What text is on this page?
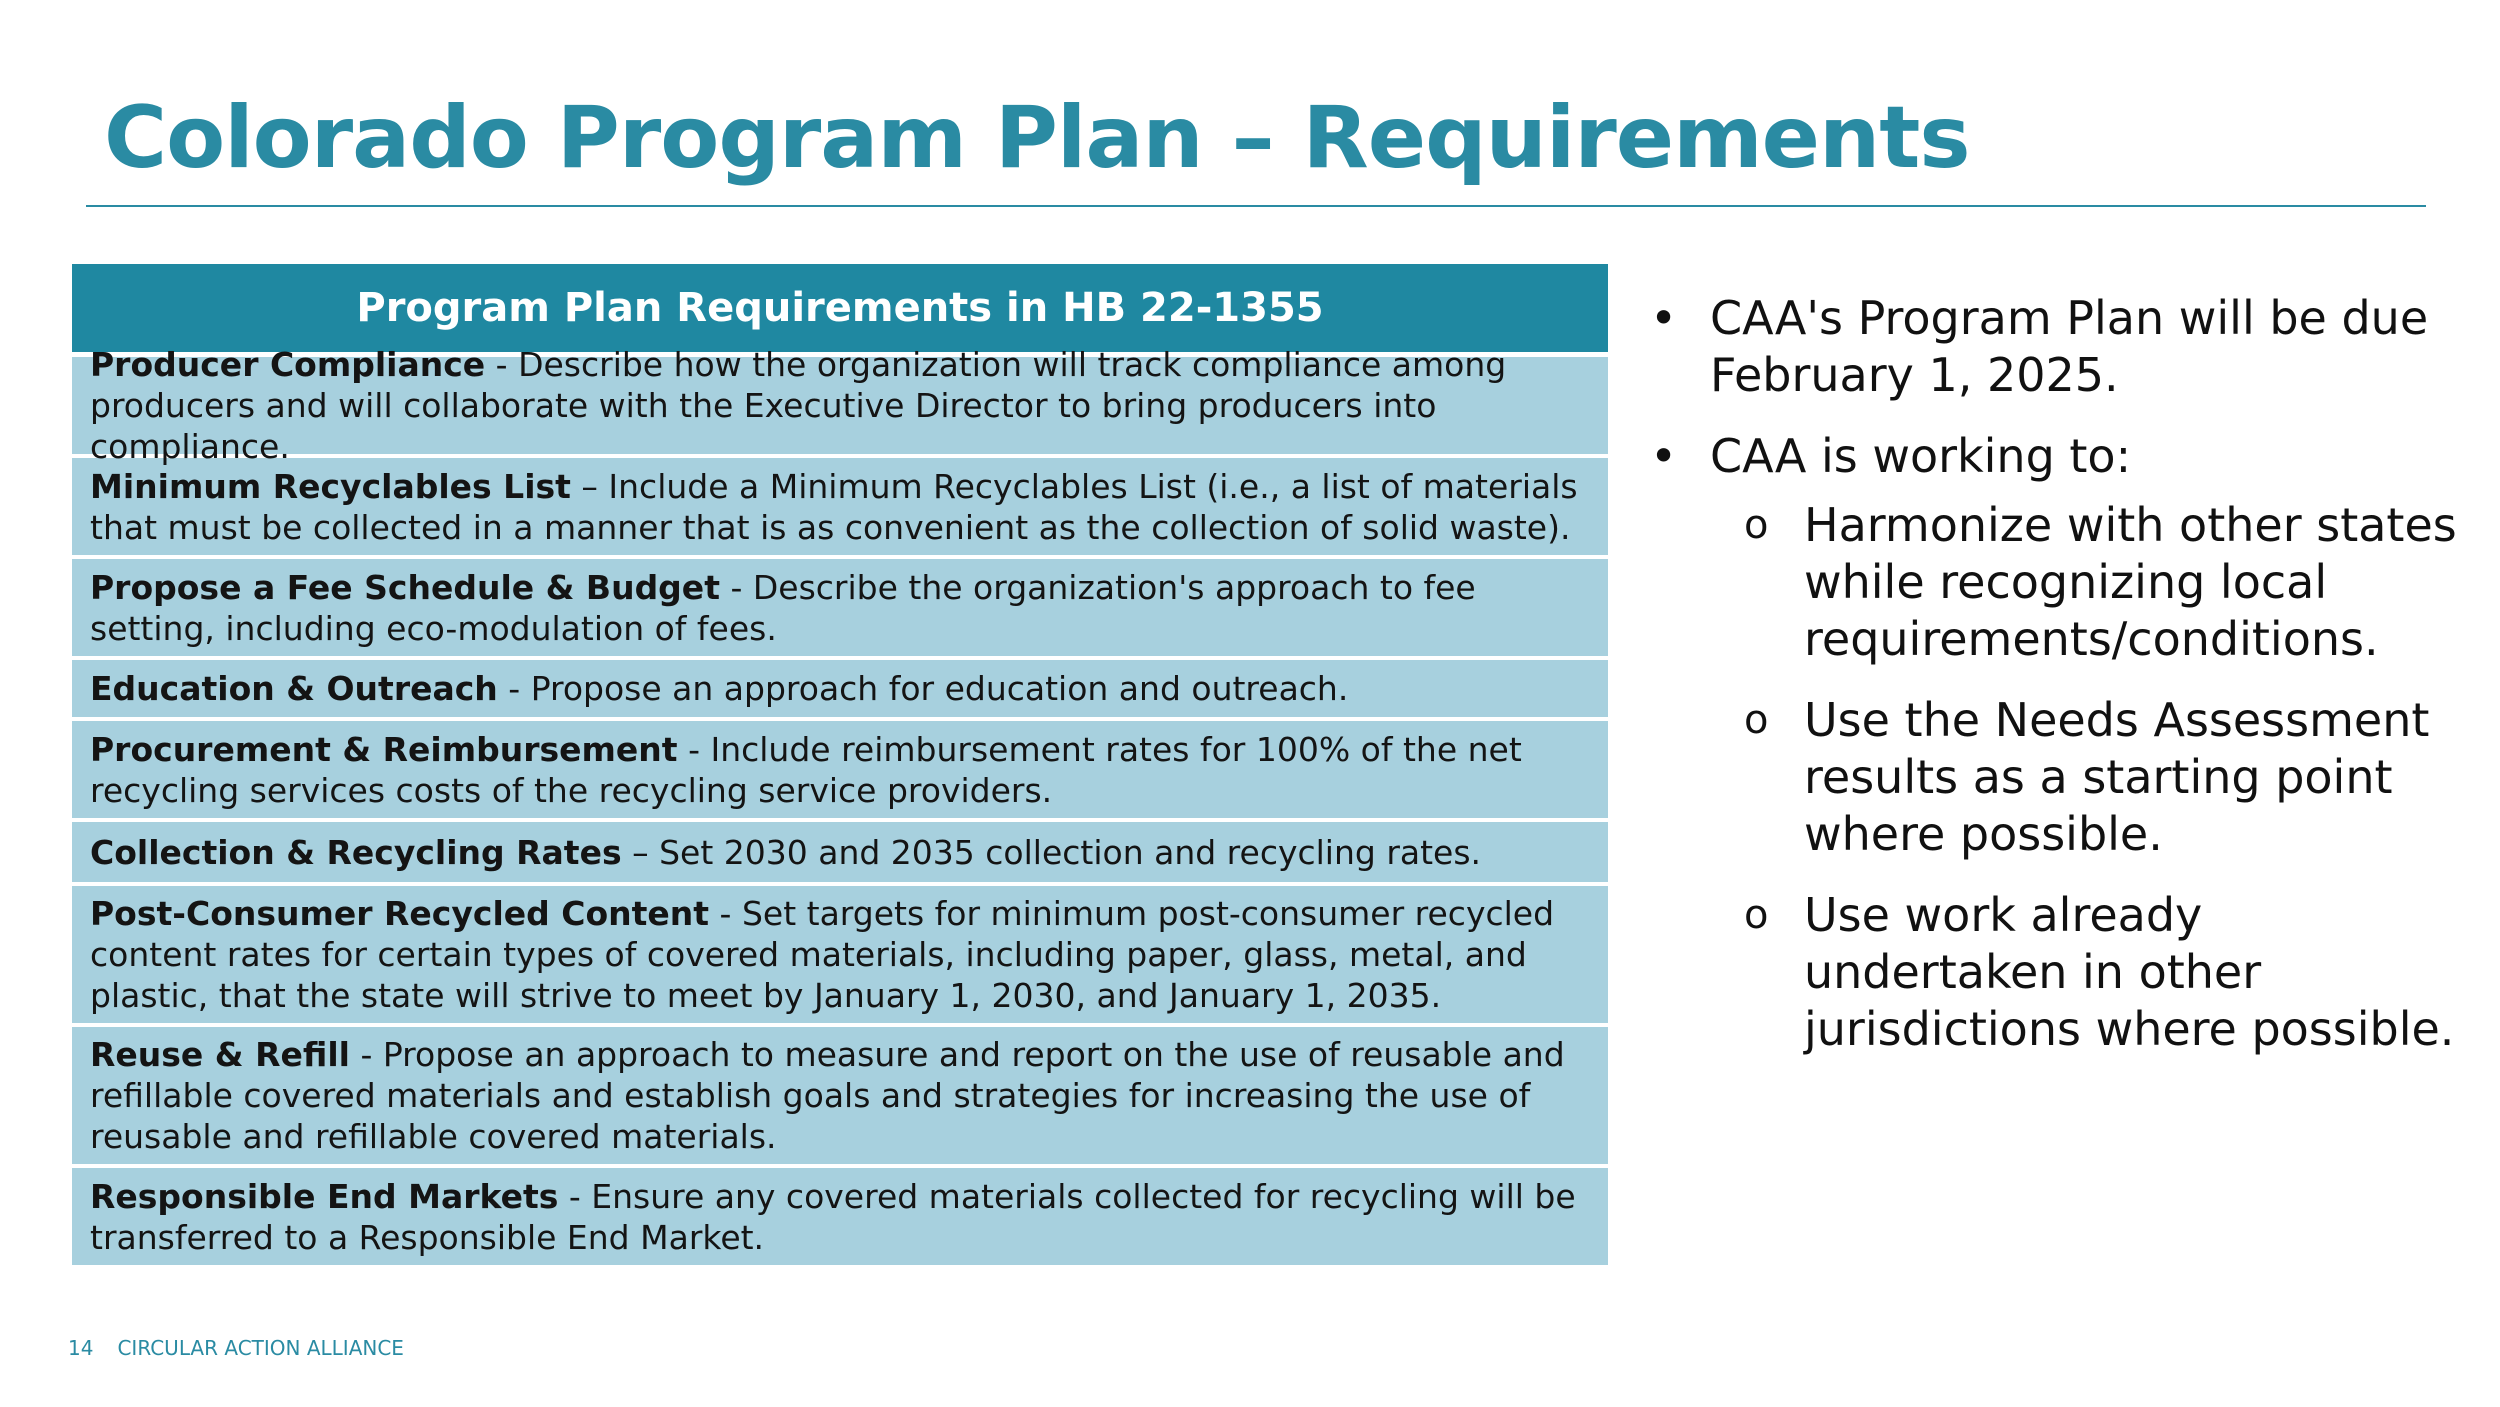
Colorado Program Plan – Requirements
Program Plan Requirements in HB 22-1355
Producer Compliance - Describe how the organization will track compliance among producers and will collaborate with the Executive Director to bring producers into compliance.
Minimum Recyclables List – Include a Minimum Recyclables List (i.e., a list of materials that must be collected in a manner that is as convenient as the collection of solid waste).
Propose a Fee Schedule & Budget - Describe the organization's approach to fee setting, including eco-modulation of fees.
Education & Outreach - Propose an approach for education and outreach.
Procurement & Reimbursement - Include reimbursement rates for 100% of the net recycling services costs of the recycling service providers.
Collection & Recycling Rates – Set 2030 and 2035 collection and recycling rates.
Post-Consumer Recycled Content - Set targets for minimum post-consumer recycled content rates for certain types of covered materials, including paper, glass, metal, and plastic, that the state will strive to meet by January 1, 2030, and January 1, 2035.
Reuse & Refill - Propose an approach to measure and report on the use of reusable and refillable covered materials and establish goals and strategies for increasing the use of reusable and refillable covered materials.
Responsible End Markets - Ensure any covered materials collected for recycling will be transferred to a Responsible End Market.
• CAA's Program Plan will be due February 1, 2025.
• CAA is working to:
o Harmonize with other states while recognizing local requirements/conditions.
o Use the Needs Assessment results as a starting point where possible.
o Use work already undertaken in other jurisdictions where possible.
14 CIRCULAR ACTION ALLIANCE
